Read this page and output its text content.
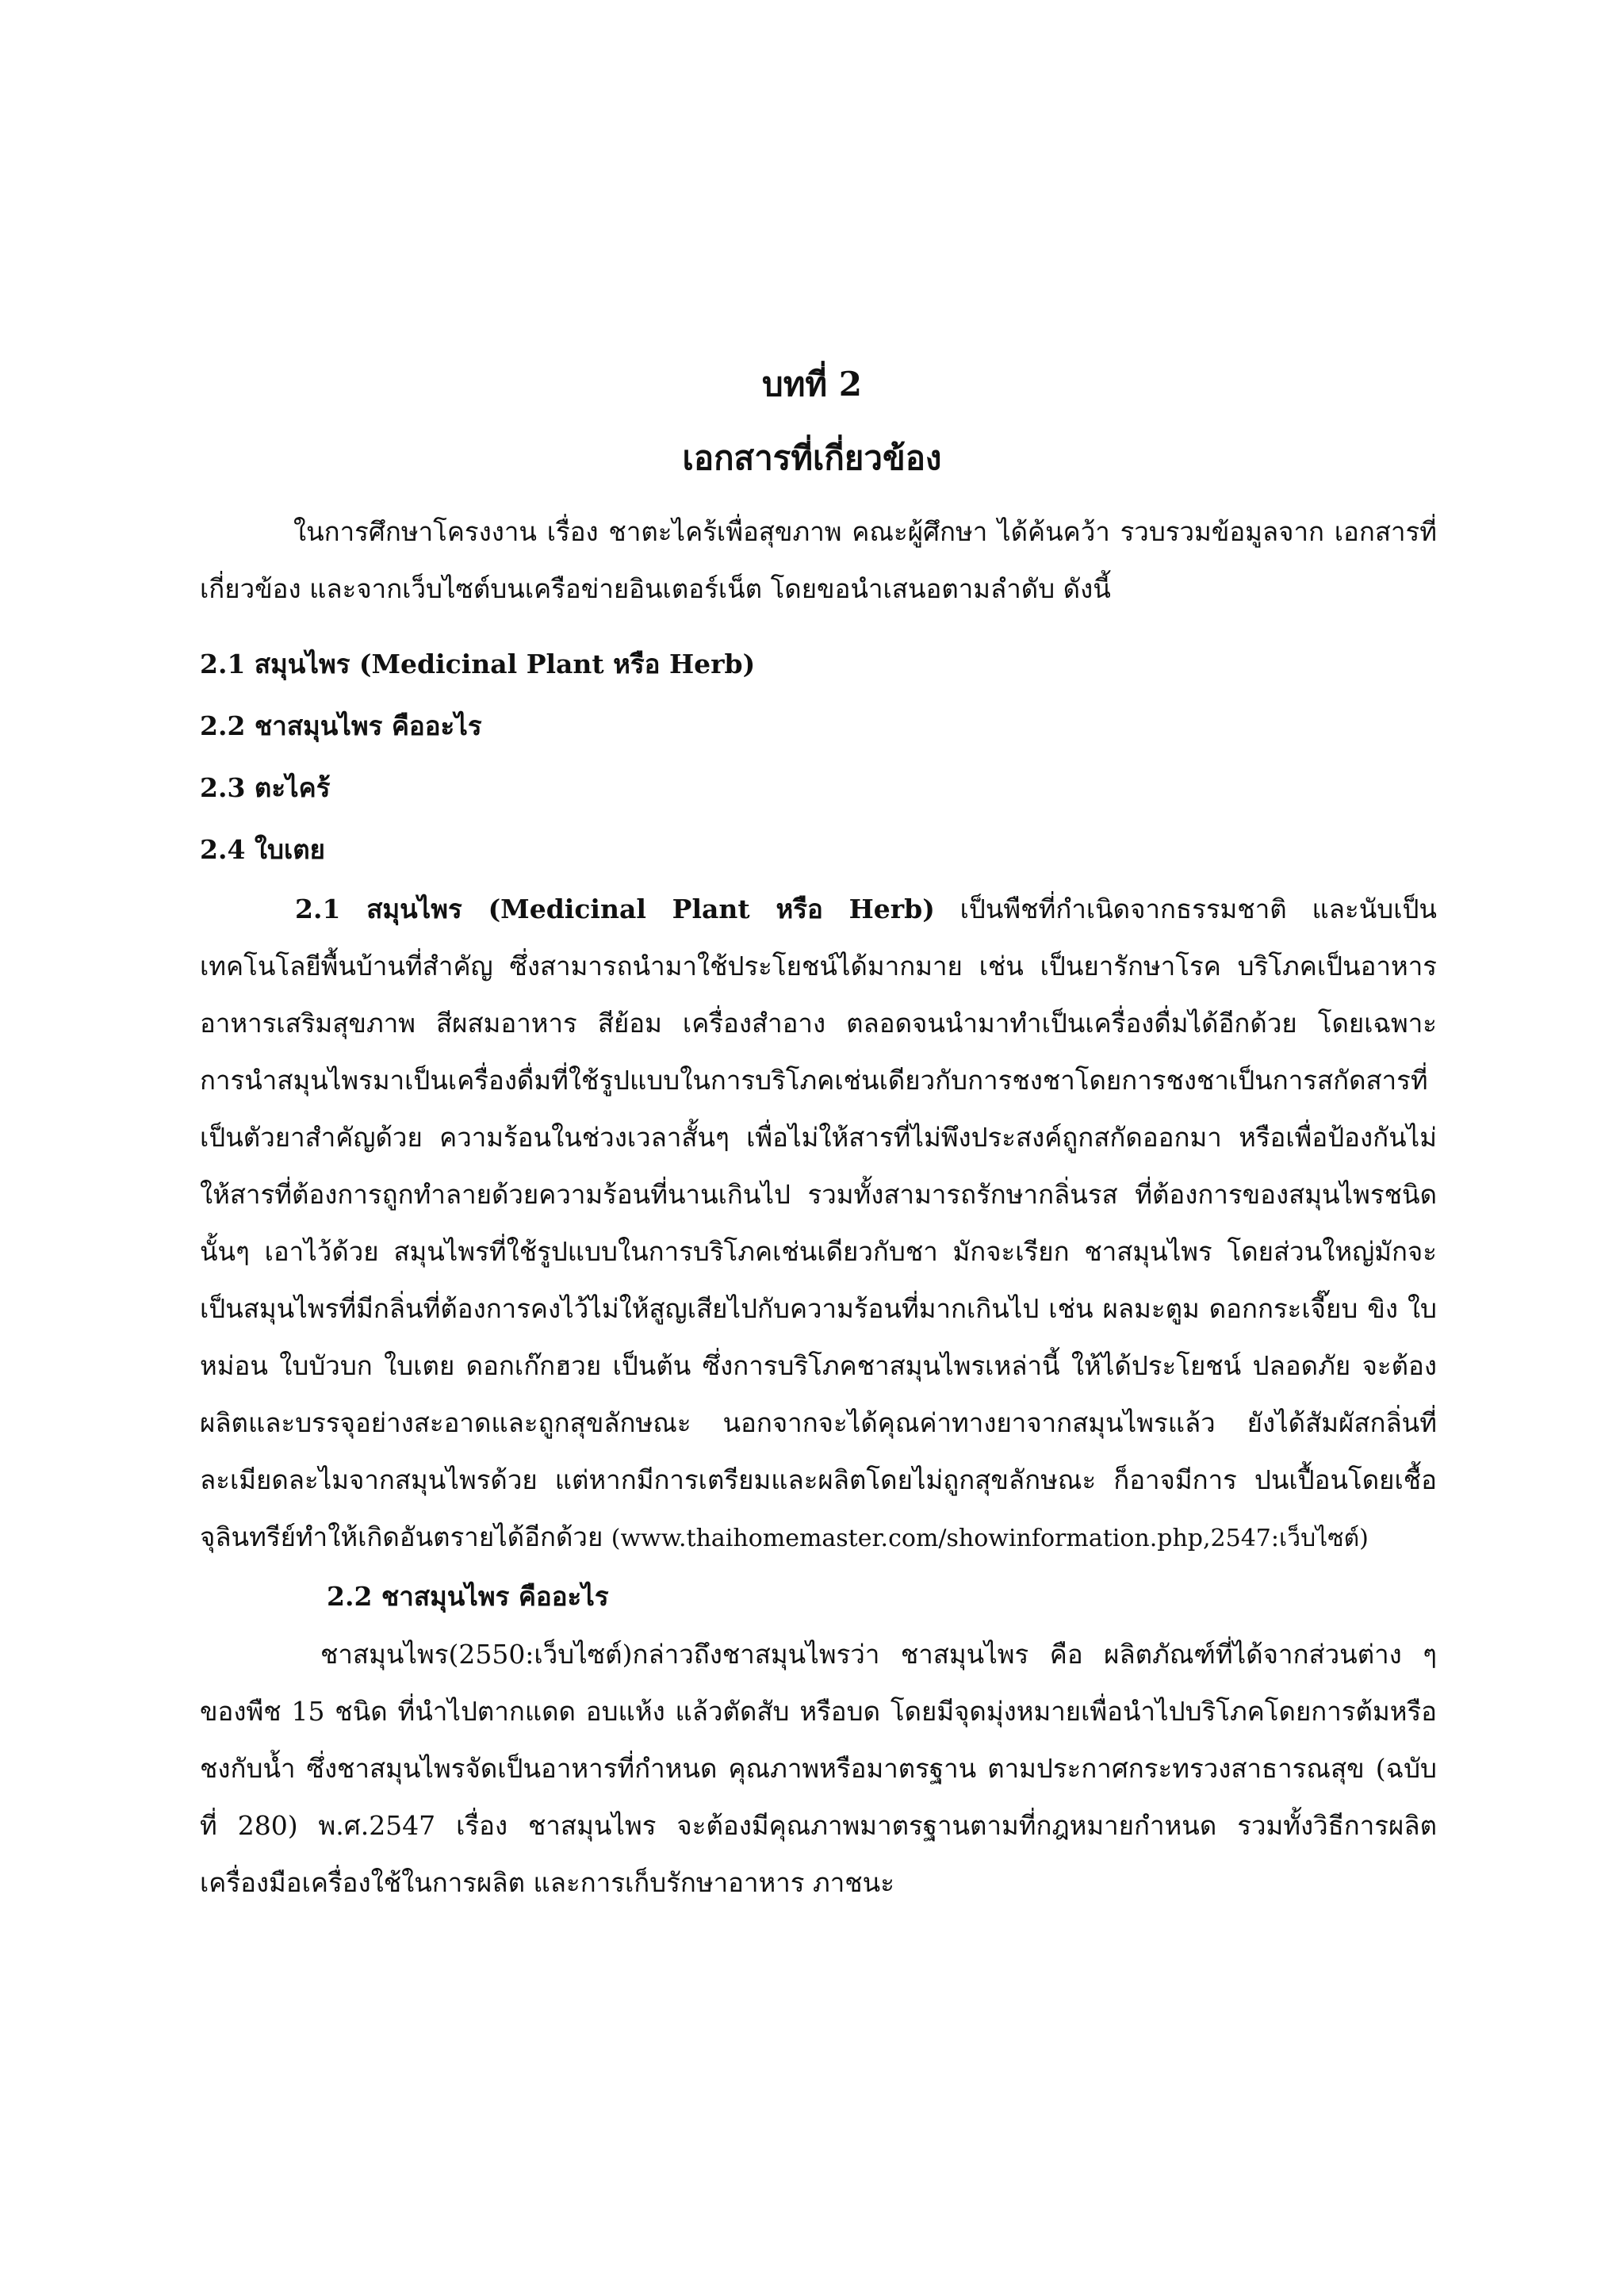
บทที่ 2
เอกสารที่เกี่ยวข้อง

ในการศึกษาโครงงาน เรื่อง ชาตะไคร้เพื่อสุขภาพ คณะผู้ศึกษา ได้ค้นคว้า รวบรวมข้อมูลจาก เอกสารที่เกี่ยวข้อง และจากเว็บไซต์บนเครือข่ายอินเตอร์เน็ต โดยขอนำเสนอตามลำดับ ดังนี้

2.1 สมุนไพร (Medicinal Plant หรือ Herb)

2.2 ชาสมุนไพร คืออะไร

2.3 ตะไคร้

2.4 ใบเตย

2.1 สมุนไพร (Medicinal Plant หรือ Herb) เป็นพืชที่กำเนิดจากธรรมชาติ และนับเป็นเทคโนโลยีพื้นบ้านที่สำคัญ ซึ่งสามารถนำมาใช้ประโยชน์ได้มากมาย เช่น เป็นยารักษาโรค บริโภคเป็นอาหาร อาหารเสริมสุขภาพ สีผสมอาหาร สีย้อม เครื่องสำอาง ตลอดจนนำมาทำเป็นเครื่องดื่มได้อีกด้วย โดยเฉพาะการนำสมุนไพรมาเป็นเครื่องดื่มที่ใช้รูปแบบในการบริโภคเช่นเดียวกับการชงชาโดยการชงชาเป็นการสกัดสารที่เป็นตัวยาสำคัญด้วย ความร้อนในช่วงเวลาสั้นๆ เพื่อไม่ให้สารที่ไม่พึงประสงค์ถูกสกัดออกมา หรือเพื่อป้องกันไม่ให้สารที่ต้องการถูกทำลายด้วยความร้อนที่นานเกินไป รวมทั้งสามารถรักษากลิ่นรส ที่ต้องการของสมุนไพรชนิดนั้นๆ เอาไว้ด้วย สมุนไพรที่ใช้รูปแบบในการบริโภคเช่นเดียวกับชา มักจะเรียก ชาสมุนไพร โดยส่วนใหญ่มักจะเป็นสมุนไพรที่มีกลิ่นที่ต้องการคงไว้ไม่ให้สูญเสียไปกับความร้อนที่มากเกินไป เช่น ผลมะตูม ดอกกระเจี๊ยบ ขิง ใบหม่อน ใบบัวบก ใบเตย ดอกเก๊กฮวย เป็นต้น ซึ่งการบริโภคชาสมุนไพรเหล่านี้ ให้ได้ประโยชน์ ปลอดภัย จะต้องผลิตและบรรจุอย่างสะอาดและถูกสุขลักษณะ นอกจากจะได้คุณค่าทางยาจากสมุนไพรแล้ว ยังได้สัมผัสกลิ่นที่ละเมียดละไมจากสมุนไพรด้วย แต่หากมีการเตรียมและผลิตโดยไม่ถูกสุขลักษณะ ก็อาจมีการ ปนเปื้อนโดยเชื้อจุลินทรีย์ทำให้เกิดอันตรายได้อีกด้วย (www.thaihomemaster.com/showinformation.php,2547:เว็บไซต์)

2.2 ชาสมุนไพร คืออะไร

ชาสมุนไพร(2550:เว็บไซต์)กล่าวถึงชาสมุนไพรว่า ชาสมุนไพร คือ ผลิตภัณฑ์ที่ได้จากส่วนต่าง ๆ ของพืช 15 ชนิด ที่นำไปตากแดด อบแห้ง แล้วตัดสับ หรือบด โดยมีจุดมุ่งหมายเพื่อนำไปบริโภคโดยการต้มหรือชงกับน้ำ ซึ่งชาสมุนไพรจัดเป็นอาหารที่กำหนด คุณภาพหรือมาตรฐาน ตามประกาศกระทรวงสาธารณสุข (ฉบับที่ 280) พ.ศ.2547 เรื่อง ชาสมุนไพร จะต้องมีคุณภาพมาตรฐานตามที่กฎหมายกำหนด รวมทั้งวิธีการผลิต เครื่องมือเครื่องใช้ในการผลิต และการเก็บรักษาอาหาร ภาชนะ
